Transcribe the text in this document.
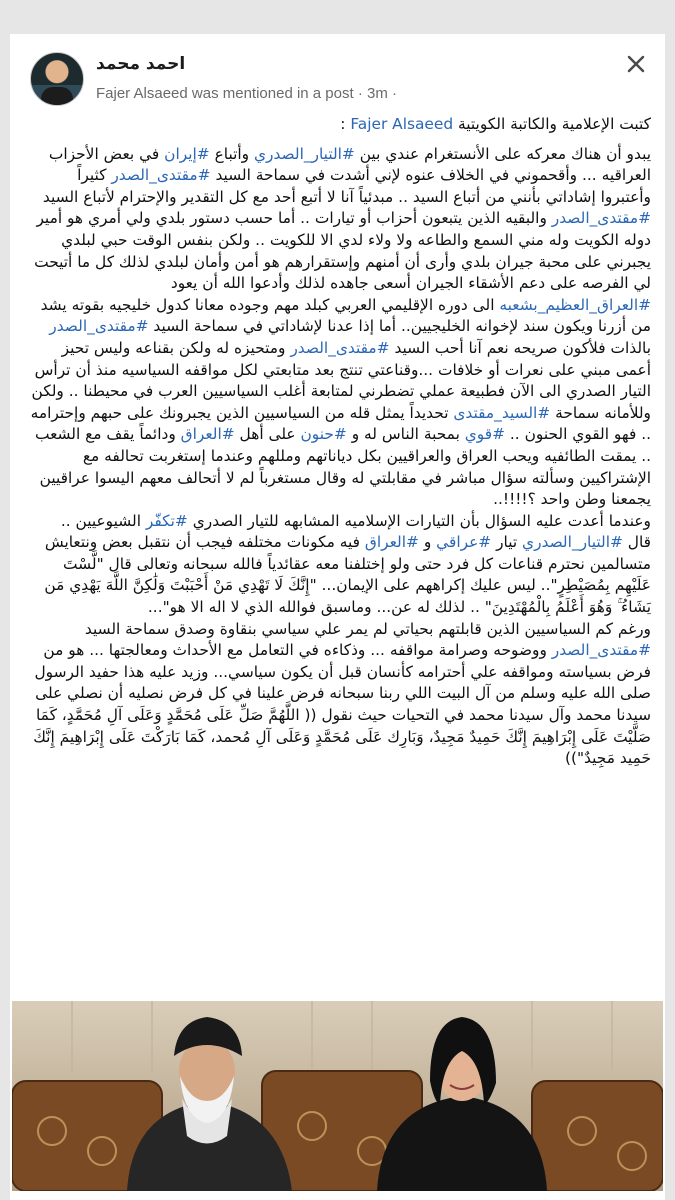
احمد محمد
Fajer Alsaeed was mentioned in a post · 3m ·

كتبت الإعلامية والكاتبة الكويتية Fajer Alsaeed :

يبدو أن هناك معركه على الأنستغرام عندي بين #التيار_الصدري وأتباع #إيران في بعض الأحزاب العراقيه ... وأقحموني في الخلاف عنوه لإني أشدت في سماحة السيد #مقتدى_الصدر كثيراً وأعتبروا إشاداتي بأنني من أتباع السيد .. مبدئياً آنا لا أتبع أحد مع كل التقدير والإحترام لأتباع السيد #مقتدى_الصدر والبقيه الذين يتبعون أحزاب أو تيارات .. أما حسب دستور بلدي ولي أمري هو أمير دوله الكويت وله مني السمع والطاعه ولا ولاء لدي الا للكويت .. ولكن بنفس الوقت حبي لبلدي يجبرني على محبة جيران بلدي وأرى أن أمنهم وإستقرارهم هو أمن وأمان لبلدي لذلك كل ما أتيحت لي الفرصه على دعم الأشقاء الجيران أسعى جاهده لذلك وأدعوا الله أن يعود #العراق_العظيم_بشعبه الى دوره الإقليمي العربي كبلد مهم وجوده معانا كدول خليجيه بقوته يشد من أزرنا ويكون سند لإخوانه الخليجيين.. أما إذا عدنا لإشاداتي في سماحة السيد #مقتدى_الصدر بالذات فلأكون صريحه نعم آنا أحب السيد #مقتدى_الصدر ومتحيزه له ولكن بقناعه وليس تحيز أعمى مبني على نعرات أو خلافات ...وقناعتي تنتج بعد متابعتي لكل مواقفه السياسيه منذ أن ترأس التيار الصدري الى الآن فطبيعة عملي تضطرني لمتابعة أغلب السياسيين العرب في محيطنا .. ولكن وللأمانه سماحة #السيد_مقتدى تحديداً يمثل قله من السياسيين الذين يجبرونك على حبهم وإحترامه .. فهو القوي الحنون .. #قوي بمحبة الناس له و #حنون على أهل #العراق ودائماً يقف مع الشعب .. يمقت الطائفيه ويحب العراق والعراقيين بكل دياناتهم ومللهم وعندما إستغربت تحالفه مع الإشتراكيين وسألته سؤال مباشر في مقابلتي له وقال مستغرباً لم لا أتحالف معهم اليسوا عراقيين يجمعنا وطن واحد ؟!!!!..

وعندما أعدت عليه السؤال بأن التيارات الإسلاميه المشابهه للتيار الصدري #تكفّر الشيوعيين ..

قال #التيار_الصدري تيار #عراقي و #العراق فيه مكونات مختلفه فيجب أن نتقبل بعض ونتعايش متسالمين نحترم قناعات كل فرد حتى ولو إختلفنا معه عقائدياً فالله سبحانه وتعالى قال "لَّسْتَ عَلَيْهِم بِمُصَيْطِرٍ".. ليس عليك إكراههم على الإيمان... "إِنَّكَ لَا تَهْدِي مَنْ أَحْبَبْتَ وَلَٰكِنَّ اللَّهَ يَهْدِي مَن يَشَاءُ ۚ وَهُوَ أَعْلَمُ بِالْمُهْتَدِينَ" .. لذلك له عن... وماسبق فوالله الذي لا اله الا هو"...

ورغم كم السياسيين الذين قابلتهم بحياتي لم يمر علي سياسي بنقاوة وصدق سماحة السيد #مقتدى_الصدر ووضوحه وصرامة مواقفه ... وذكاءه في التعامل مع الأحداث ومعالجتها ... هو من فرض بسياسته ومواقفه علي أحترامه كأنسان قبل أن يكون سياسي... وزيد عليه هذا حفيد الرسول صلى الله عليه وسلم من آل البيت اللي ربنا سبحانه فرض علينا في كل فرض نصليه أن نصلي على سيدنا محمد وآل سيدنا محمد في التحيات حيث نقول (( اللَّهُمَّ صَلِّ عَلَى مُحَمَّدٍ وَعَلَى آلِ مُحَمَّدٍ، كَمَا صَلَّيْتَ عَلَى إِبْرَاهِيمَ إِنَّكَ حَمِيدٌ مَجِيدٌ، وَبَارِك عَلَى مُحَمَّدٍ وَعَلَى آلِ مُحمد، كَمَا بَارَكْتَ عَلَى إِبْرَاهِيمَ إِنَّكَ حَمِيد مَجِيدٌ"))
